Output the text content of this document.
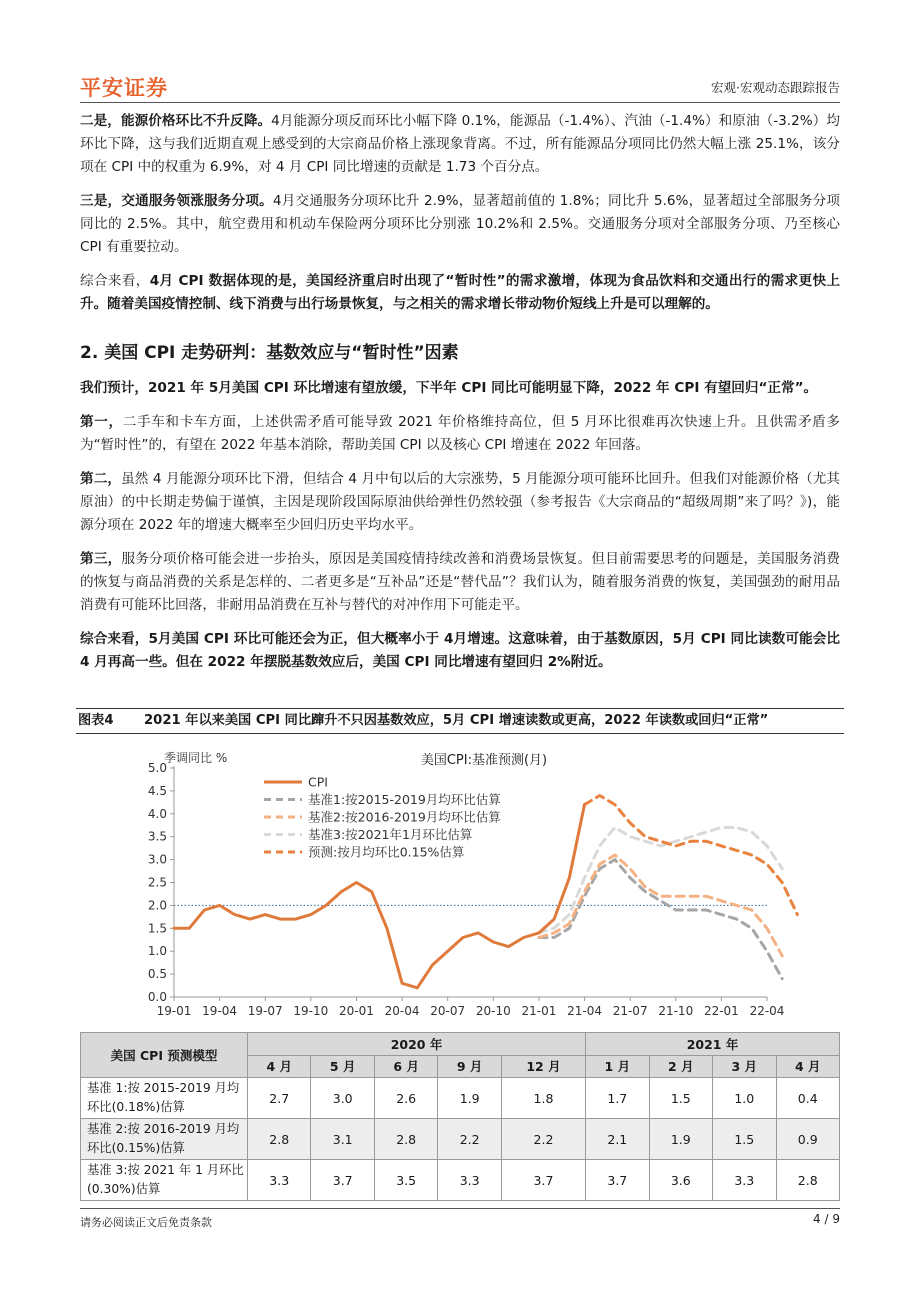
平安证券	宏观·宏观动态跟踪报告

二是，能源价格环比不升反降。4月能源分项反而环比小幅下降 0.1%，能源品（-1.4%）、汽油（-1.4%）和原油（-3.2%）均环比下降，这与我们近期直观上感受到的大宗商品价格上涨现象背离。不过，所有能源品分项同比仍然大幅上涨 25.1%，该分项在 CPI 中的权重为 6.9%，对 4 月 CPI 同比增速的贡献是 1.73 个百分点。

三是，交通服务领涨服务分项。4月交通服务分项环比升 2.9%，显著超前值的 1.8%；同比升 5.6%，显著超过全部服务分项同比的 2.5%。其中，航空费用和机动车保险两分项环比分别涨 10.2%和 2.5%。交通服务分项对全部服务分项、乃至核心 CPI 有重要拉动。

综合来看，4月 CPI 数据体现的是，美国经济重启时出现了“暂时性”的需求激增，体现为食品饮料和交通出行的需求更快上升。随着美国疫情控制、线下消费与出行场景恢复，与之相关的需求增长带动物价短线上升是可以理解的。

2. 美国 CPI 走势研判：基数效应与“暂时性”因素

我们预计，2021 年 5月美国 CPI 环比增速有望放缓，下半年 CPI 同比可能明显下降，2022 年 CPI 有望回归“正常”。

第一，二手车和卡车方面，上述供需矛盾可能导致 2021 年价格维持高位，但 5 月环比很难再次快速上升。且供需矛盾多为“暂时性”的，有望在 2022 年基本消除，帮助美国 CPI 以及核心 CPI 增速在 2022 年回落。

第二，虽然 4 月能源分项环比下滑，但结合 4 月中旬以后的大宗涨势，5 月能源分项可能环比回升。但我们对能源价格（尤其原油）的中长期走势偏于谨慎，主因是现阶段国际原油供给弹性仍然较强（参考报告《大宗商品的“超级周期”来了吗？》)，能源分项在 2022 年的增速大概率至少回归历史平均水平。

第三，服务分项价格可能会进一步抬头，原因是美国疫情持续改善和消费场景恢复。但目前需要思考的问题是，美国服务消费的恢复与商品消费的关系是怎样的、二者更多是“互补品”还是“替代品”？我们认为，随着服务消费的恢复，美国强劲的耐用品消费有可能环比回落，非耐用品消费在互补与替代的对冲作用下可能走平。

综合来看，5月美国 CPI 环比可能还会为正，但大概率小于 4月增速。这意味着，由于基数原因，5月 CPI 同比读数可能会比 4 月再高一些。但在 2022 年摆脱基数效应后，美国 CPI 同比增速有望回归 2%附近。

图表4 2021 年以来美国 CPI 同比蹿升不只因基数效应，5月 CPI 增速读数或更高，2022 年读数或回归“正常”
季调同比 %	美国CPI:基准预测(月)
0.0
0.5
1.0
1.5
2.0
2.5
3.0
3.5
4.0
4.5
5.0
19-01 19-04 19-07 19-10 20-01 20-04 20-07 20-10 21-01 21-04 21-07 21-10 22-01 22-04
CPI
基准1:按2015-2019月均环比估算
基准2:按2016-2019月均环比估算
基准3:按2021年1月环比估算
预测:按月均环比0.15%估算
美国 CPI 预测模型	2020 年					2021 年			
	4 月	5 月	6 月	9 月	12 月	1 月	2 月	3 月	4 月
基准 1:按 2015-2019 月均环比(0.18%)估算	2.7	3.0	2.6	1.9	1.8	1.7	1.5	1.0	0.4
基准 2:按 2016-2019 月均环比(0.15%)估算	2.8	3.1	2.8	2.2	2.2	2.1	1.9	1.5	0.9
基准 3:按 2021 年 1 月环比(0.30%)估算	3.3	3.7	3.5	3.3	3.7	3.7	3.6	3.3	2.8
请务必阅读正文后免责条款	4 / 9
